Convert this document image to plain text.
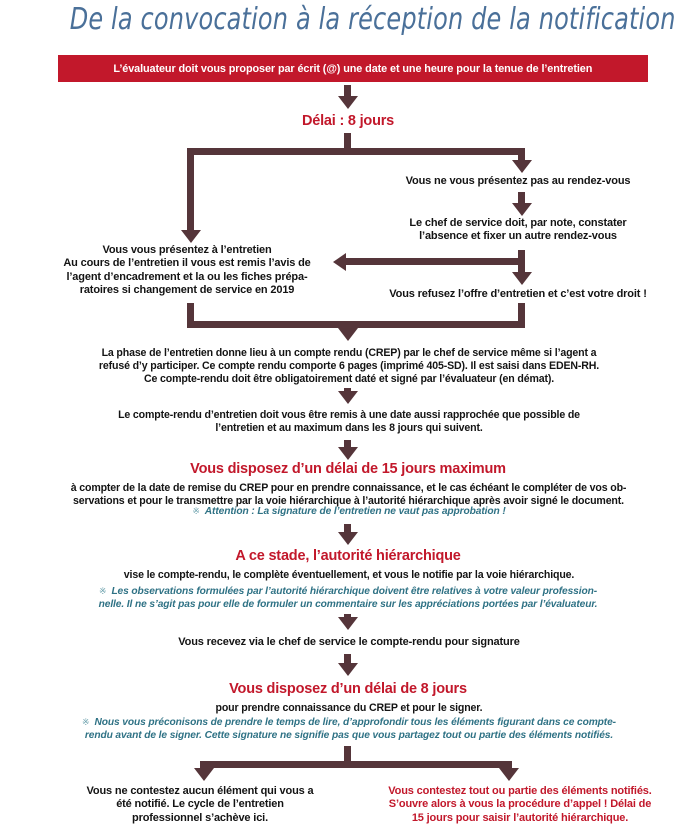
De la convocation à la réception de la notification
L’évaluateur doit vous proposer par écrit (@) une date et une heure pour la tenue de l’entretien
Délai : 8 jours
Vous ne vous présentez pas au rendez-vous
Le chef de service doit, par note, constater
l’absence et fixer un autre rendez-vous
Vous vous présentez à l’entretien
Au cours de l’entretien il vous est remis l’avis de
l’agent d’encadrement et la ou les fiches prépa-
ratoires si changement de service en 2019	Vous refusez l’offre d’entretien et c’est votre droit !
La phase de l’entretien donne lieu à un compte rendu (CREP) par le chef de service même si l’agent a
refusé d’y participer. Ce compte rendu comporte 6 pages (imprimé 405-SD). Il est saisi dans EDEN-RH.
Ce compte-rendu doit être obligatoirement daté et signé par l’évaluateur (en démat).
Le compte-rendu d’entretien doit vous être remis à une date aussi rapprochée que possible de
l’entretien et au maximum dans les 8 jours qui suivent.
Vous disposez d’un délai de 15 jours maximum
à compter de la date de remise du CREP pour en prendre connaissance, et le cas échéant le compléter de vos ob-
servations et pour le transmettre par la voie hiérarchique à l’autorité hiérarchique après avoir signé le document.
※ Attention : La signature de l’entretien ne vaut pas approbation !
A ce stade, l’autorité hiérarchique
vise le compte-rendu, le complète éventuellement, et vous le notifie par la voie hiérarchique.
※ Les observations formulées par l’autorité hiérarchique doivent être relatives à votre valeur profession-
nelle. Il ne s’agit pas pour elle de formuler un commentaire sur les appréciations portées par l’évaluateur.
Vous recevez via le chef de service le compte-rendu pour signature
Vous disposez d’un délai de 8 jours
pour prendre connaissance du CREP et pour le signer.
※ Nous vous préconisons de prendre le temps de lire, d’approfondir tous les éléments figurant dans ce compte-
rendu avant de le signer. Cette signature ne signifie pas que vous partagez tout ou partie des éléments notifiés.
Vous ne contestez aucun élément qui vous a
été notifié. Le cycle de l’entretien
professionnel s’achève ici.
Vous contestez tout ou partie des éléments notifiés.
S’ouvre alors à vous la procédure d’appel ! Délai de
15 jours pour saisir l’autorité hiérarchique.
